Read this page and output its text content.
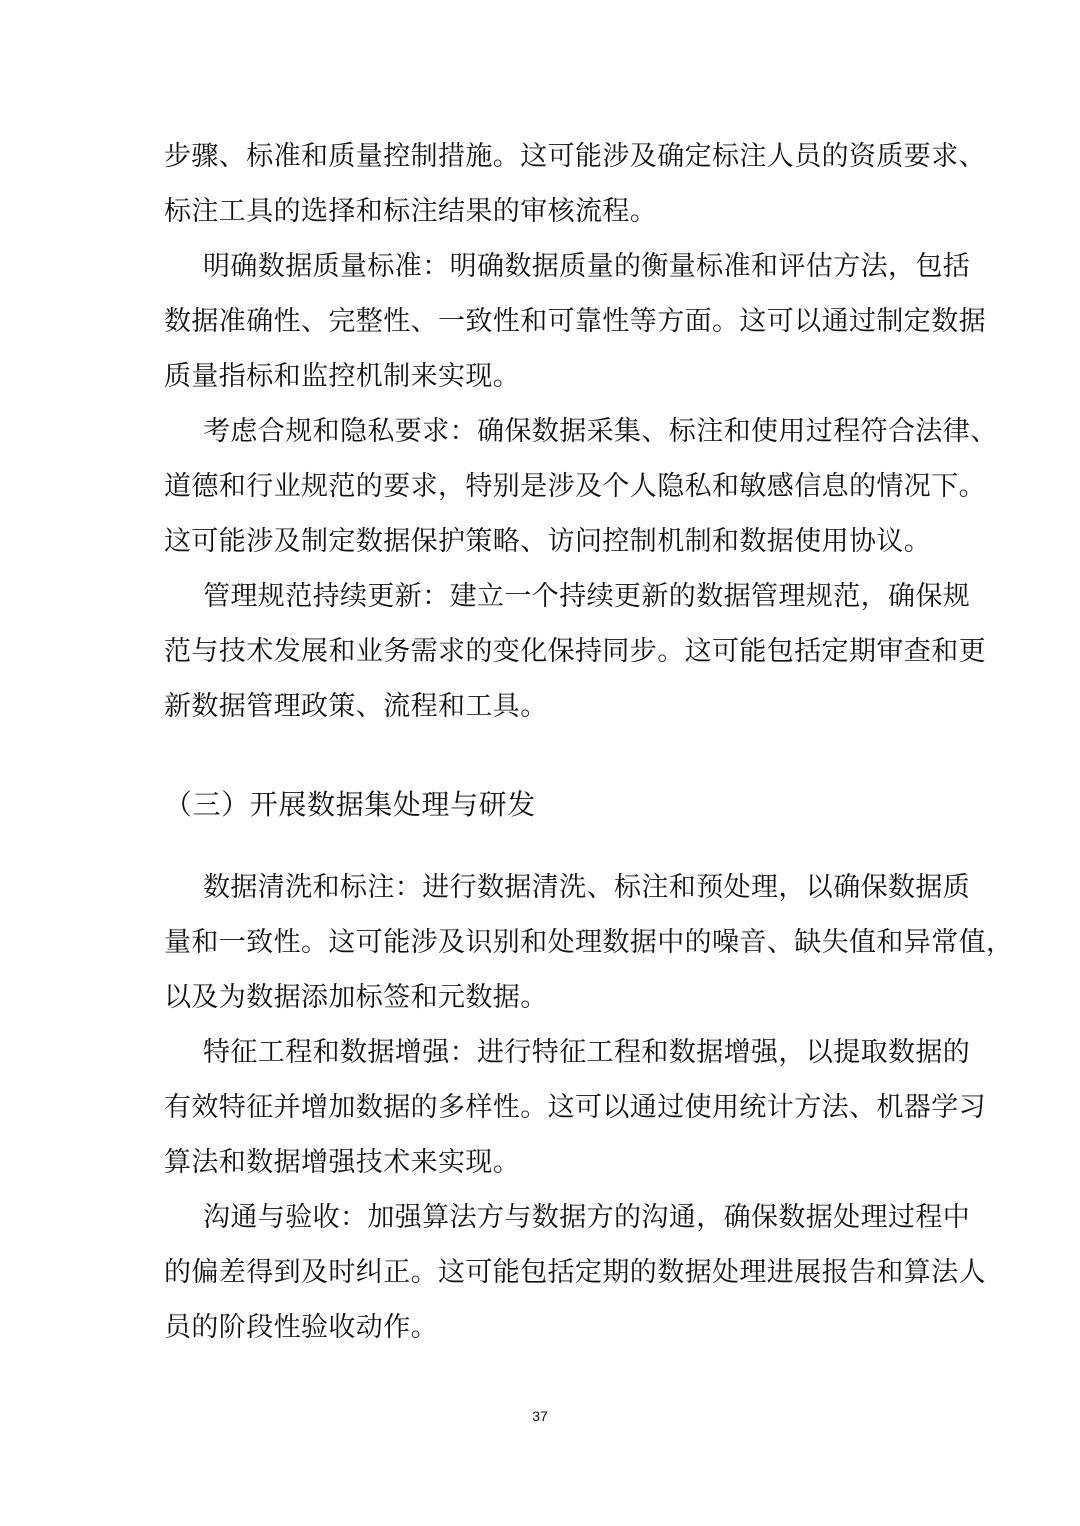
步骤、标准和质量控制措施。这可能涉及确定标注人员的资质要求、
标注工具的选择和标注结果的审核流程。
明确数据质量标准：明确数据质量的衡量标准和评估方法，包括
数据准确性、完整性、一致性和可靠性等方面。这可以通过制定数据
质量指标和监控机制来实现。
考虑合规和隐私要求：确保数据采集、标注和使用过程符合法律、
道德和行业规范的要求，特别是涉及个人隐私和敏感信息的情况下。
这可能涉及制定数据保护策略、访问控制机制和数据使用协议。
管理规范持续更新：建立一个持续更新的数据管理规范，确保规
范与技术发展和业务需求的变化保持同步。这可能包括定期审查和更
新数据管理政策、流程和工具。
（三）开展数据集处理与研发
数据清洗和标注：进行数据清洗、标注和预处理，以确保数据质
量和一致性。这可能涉及识别和处理数据中的噪音、缺失值和异常值，
以及为数据添加标签和元数据。
特征工程和数据增强：进行特征工程和数据增强，以提取数据的
有效特征并增加数据的多样性。这可以通过使用统计方法、机器学习
算法和数据增强技术来实现。
沟通与验收：加强算法方与数据方的沟通，确保数据处理过程中
的偏差得到及时纠正。这可能包括定期的数据处理进展报告和算法人
员的阶段性验收动作。
37
